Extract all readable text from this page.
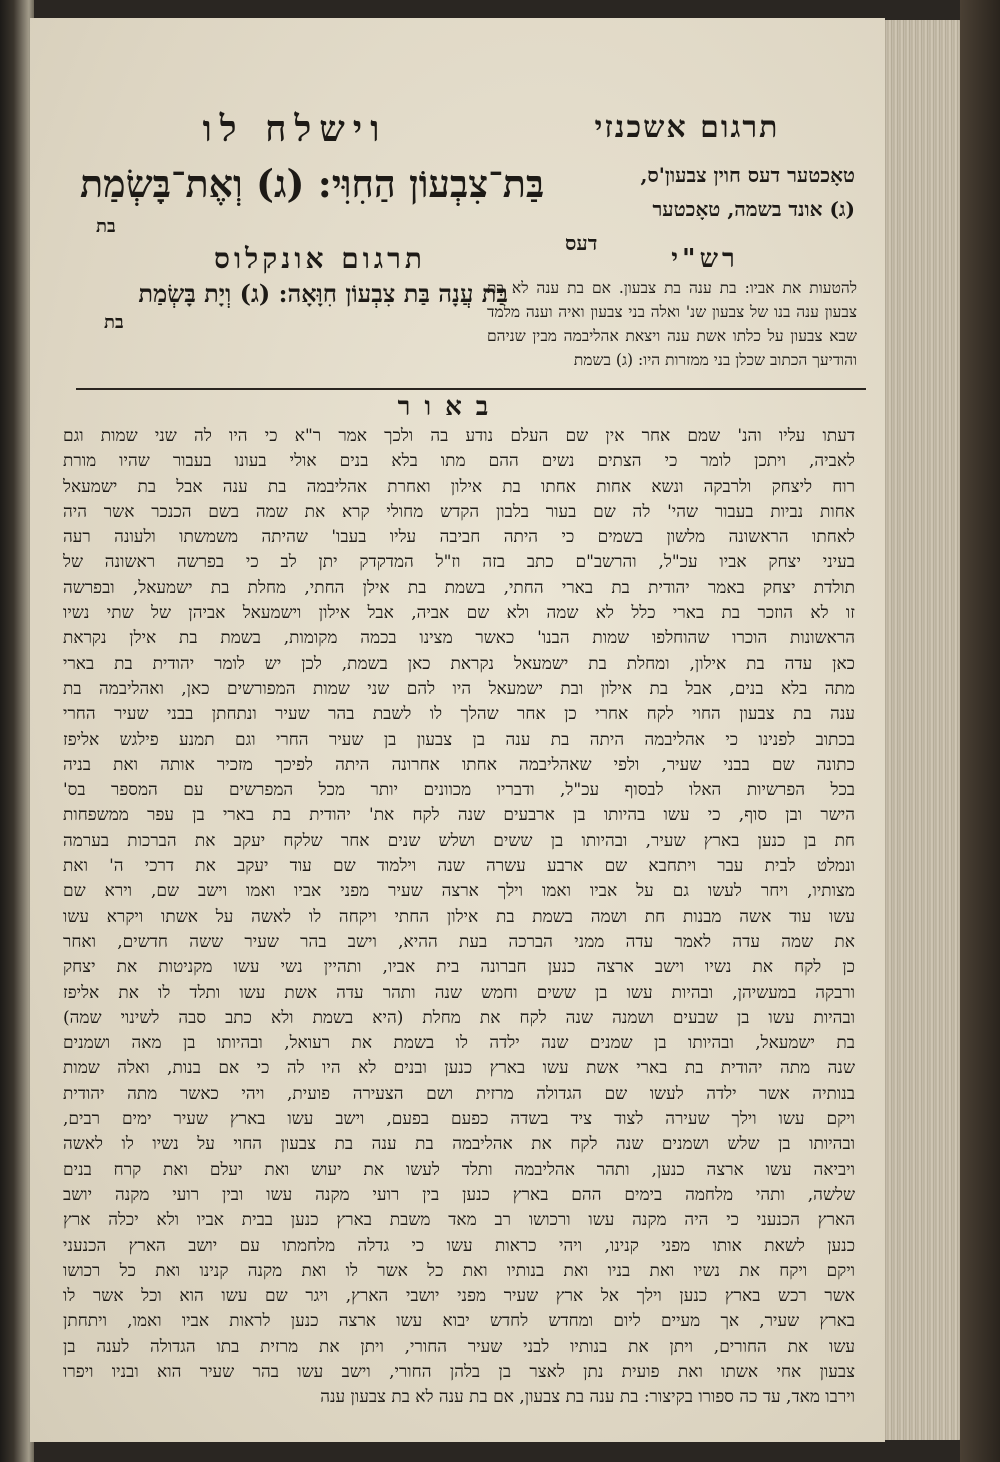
תרגום אשכנזי
וישלח לו
טאָכטער דעס חוין צבעון'ס,
(ג) אונד בשמה, טאָכטער
דעס
בַּת־צִבְעוֹן הַחִוִּי: (ג) וְאֶת־בָּשְׂמַת
בת
רש"י
להטעות את אביו: בת ענה בת צבעון. אם בת ענה לא בת צבעון ענה בנו של צבעון שנ' ואלה בני צבעון ואיה וענה מלמד שבא צבעון על כלתו אשת ענה ויצאת אהליבמה מבין שניהם והודיעך הכתוב שכלן בני ממזרות היו: (ג) בשמת
תרגום אונקלוס
בַּת עֲנָה בַּת צִבְעוֹן חִוָּאָה: (ג) וְיָת בָּשְׂמַת
בת
באור

דעתו עליו והנ' שמם אחר אין שם העלם נודע בה ולכך אמר ר"א כי היו לה שני שמות וגם

לאביה, ויתכן לומר כי הצתים נשים ההם מתו בלא בנים אולי בעונו בעבור שהיו מורת

רוח ליצחק ולרבקה ונשא אחות אחתו בת אילון ואחרת אהליבמה בת ענה אבל בת ישמעאל

אחות נביות בעבור שהי' לה שם בעור בלבון הקדש מחולי קרא את שמה בשם הכנכר אשר היה

לאחתו הראשונה מלשון בשמים כי היתה חביבה עליו בעבו' שהיתה משמשתו ולעונה רעה

בעיני יצחק אביו עכ"ל, והרשב"ם כתב בזה וז"ל המדקדק יתן לב כי בפרשה ראשונה של

תולדת יצחק באמר יהודית בת בארי החתי, בשמת בת אילן החתי, מחלת בת ישמעאל, ובפרשה

זו לא הוזכר בת בארי כלל לא שמה ולא שם אביה, אבל אילון וישמעאל אביהן של שתי נשיו

הראשונות הוכרו שהוחלפו שמות הבנו' כאשר מצינו בכמה מקומות, בשמת בת אילן נקראת

כאן עדה בת אילון, ומחלת בת ישמעאל נקראת כאן בשמת, לכן יש לומר יהודית בת בארי

מתה בלא בנים, אבל בת אילון ובת ישמעאל היו להם שני שמות המפורשים כאן, ואהליבמה בת

ענה בת צבעון החוי לקח אחרי כן אחר שהלך לו לשבת בהר שעיר ונתחתן בבני שעיר החרי

בכתוב לפנינו כי אהליבמה היתה בת ענה בן צבעון בן שעיר החרי וגם תמנע פילגש אליפז

כתונה שם בבני שעיר, ולפי שאהליבמה אחתו אחרונה היתה לפיכך מזכיר אותה ואת בניה

בכל הפרשיות האלו לבסוף עכ"ל, ודבריו מכוונים יותר מכל המפרשים עם המספר בס'

הישר ובן סוף, כי עשו בהיותו בן ארבעים שנה לקח את' יהודית בת בארי בן עפר ממשפחות

חת בן כנען בארץ שעיר, ובהיותו בן ששים ושלש שנים אחר שלקח יעקב את הברכות בערמה

ונמלט לבית עבר ויתחבא שם ארבע עשרה שנה וילמוד שם עוד יעקב את דרכי ה' ואת

מצותיו, ויחר לעשו גם על אביו ואמו וילך ארצה שעיר מפני אביו ואמו וישב שם, וירא שם

עשו עוד אשה מבנות חת ושמה בשמת בת אילון החתי ויקחה לו לאשה על אשתו ויקרא עשו

את שמה עדה לאמר עדה ממני הברכה בעת ההיא, וישב בהר שעיר ששה חדשים, ואחר

כן לקח את נשיו וישב ארצה כנען חברונה בית אביו, ותהיין נשי עשו מקניטות את יצחק

ורבקה במעשיהן, ובהיות עשו בן ששים וחמש שנה ותהר עדה אשת עשו ותלד לו את אליפז

ובהיות עשו בן שבעים ושמנה שנה לקח את מחלת (היא בשמת ולא כתב סבה לשינוי שמה)

בת ישמעאל, ובהיותו בן שמנים שנה ילדה לו בשמת את רעואל, ובהיותו בן מאה ושמנים

שנה מתה יהודית בת בארי אשת עשו בארץ כנען ובנים לא היו לה כי אם בנות, ואלה שמות

בנותיה אשר ילדה לעשו שם הגדולה מרזית ושם הצעירה פועית, ויהי כאשר מתה יהודית

ויקם עשו וילך שעירה לצוד ציד בשדה כפעם בפעם, וישב עשו בארץ שעיר ימים רבים,

ובהיותו בן שלש ושמנים שנה לקח את אהליבמה בת ענה בת צבעון החוי על נשיו לו לאשה

ויביאה עשו ארצה כנען, ותהר אהליבמה ותלד לעשו את יעוש ואת יעלם ואת קרח בנים

שלשה, ותהי מלחמה בימים ההם בארץ כנען בין רועי מקנה עשו ובין רועי מקנה יושב

הארץ הכנעני כי היה מקנה עשו ורכושו רב מאד משבת בארץ כנען בבית אביו ולא יכלה ארץ

כנען לשאת אותו מפני קנינו, ויהי כראות עשו כי גדלה מלחמתו עם יושב הארץ הכנעני

ויקם ויקח את נשיו ואת בניו ואת בנותיו ואת כל אשר לו ואת מקנה קנינו ואת כל רכושו

אשר רכש בארץ כנען וילך אל ארץ שעיר מפני יושבי הארץ, ויגר שם עשו הוא וכל אשר לו

בארץ שעיר, אך מעיים ליום ומחדש לחדש יבוא עשו ארצה כנען לראות אביו ואמו, ויתחתן

עשו את החורים, ויתן את בנותיו לבני שעיר החורי, ויתן את מרזית בתו הגדולה לענה בן

צבעון אחי אשתו ואת פועית נתן לאצר בן בלהן החורי, וישב עשו בהר שעיר הוא ובניו ויפרו

וירבו מאד, עד כה ספורו בקיצור: בת ענה בת צבעון, אם בת ענה לא בת צבעון ענה
